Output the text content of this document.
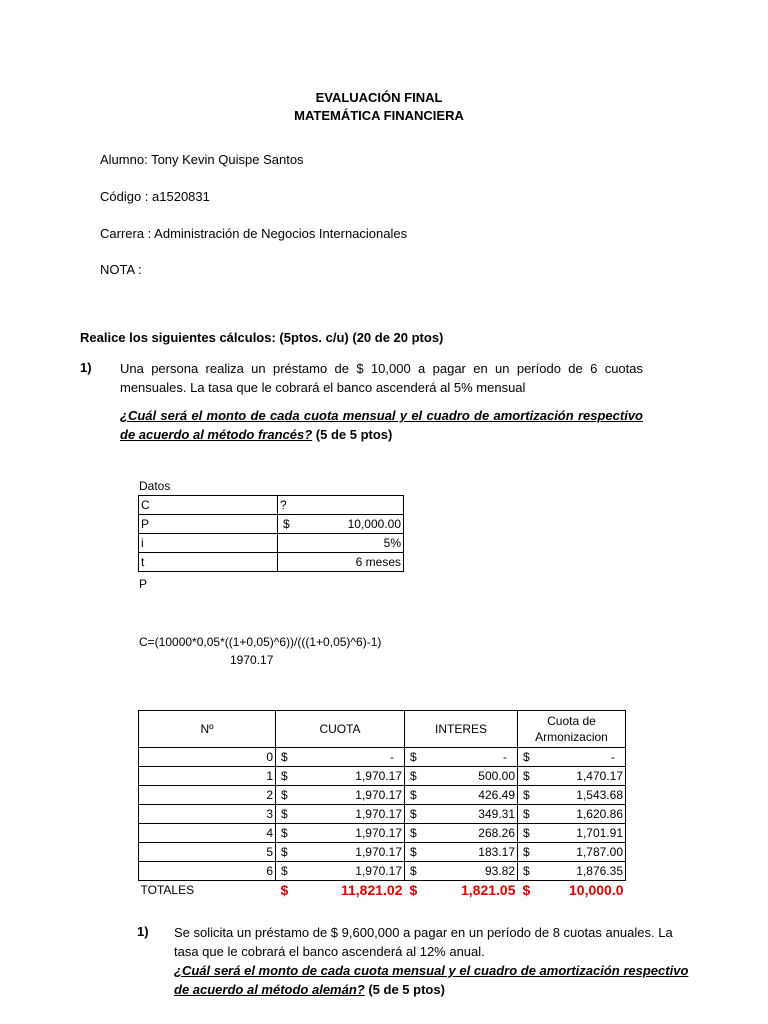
EVALUACIÓN FINAL
MATEMÁTICA FINANCIERA
Alumno: Tony Kevin Quispe Santos
Código : a1520831
Carrera : Administración de Negocios Internacionales
NOTA :
Realice los siguientes cálculos: (5ptos. c/u) (20 de 20 ptos)
1) Una persona realiza un préstamo de $ 10,000 a pagar en un período de 6 cuotas mensuales. La tasa que le cobrará el banco ascenderá al 5% mensual
¿Cuál será el monto de cada cuota mensual y el cuadro de amortización respectivo de acuerdo al método francés? (5 de 5 ptos)
Datos
C	?
P	$ 10,000.00

i	5%
t	6 meses
P
C=(10000*0,05*((1+0,05)^6))/(((1+0,05)^6)-1)
1970.17
Nº	CUOTA	INTERES	Cuota de
Armonizacion
0	$ -	$ -	$ -

1	$ 1,970.17	$ 500.00	$ 1,470.17

2	$ 1,970.17	$ 426.49	$ 1,543.68

3	$ 1,970.17	$ 349.31	$ 1,620.86

4	$ 1,970.17	$ 268.26	$ 1,701.91

5	$ 1,970.17	$ 183.17	$ 1,787.00

6	$ 1,970.17	$ 93.82	$ 1,876.35

TOTALES	$ 11,821.02	$ 1,821.05	$ 10,000.0
1) Se solicita un préstamo de $ 9,600,000 a pagar en un período de 8 cuotas anuales. La tasa que le cobrará el banco ascenderá al 12% anual.
¿Cuál será el monto de cada cuota mensual y el cuadro de amortización respectivo de acuerdo al método alemán? (5 de 5 ptos)
